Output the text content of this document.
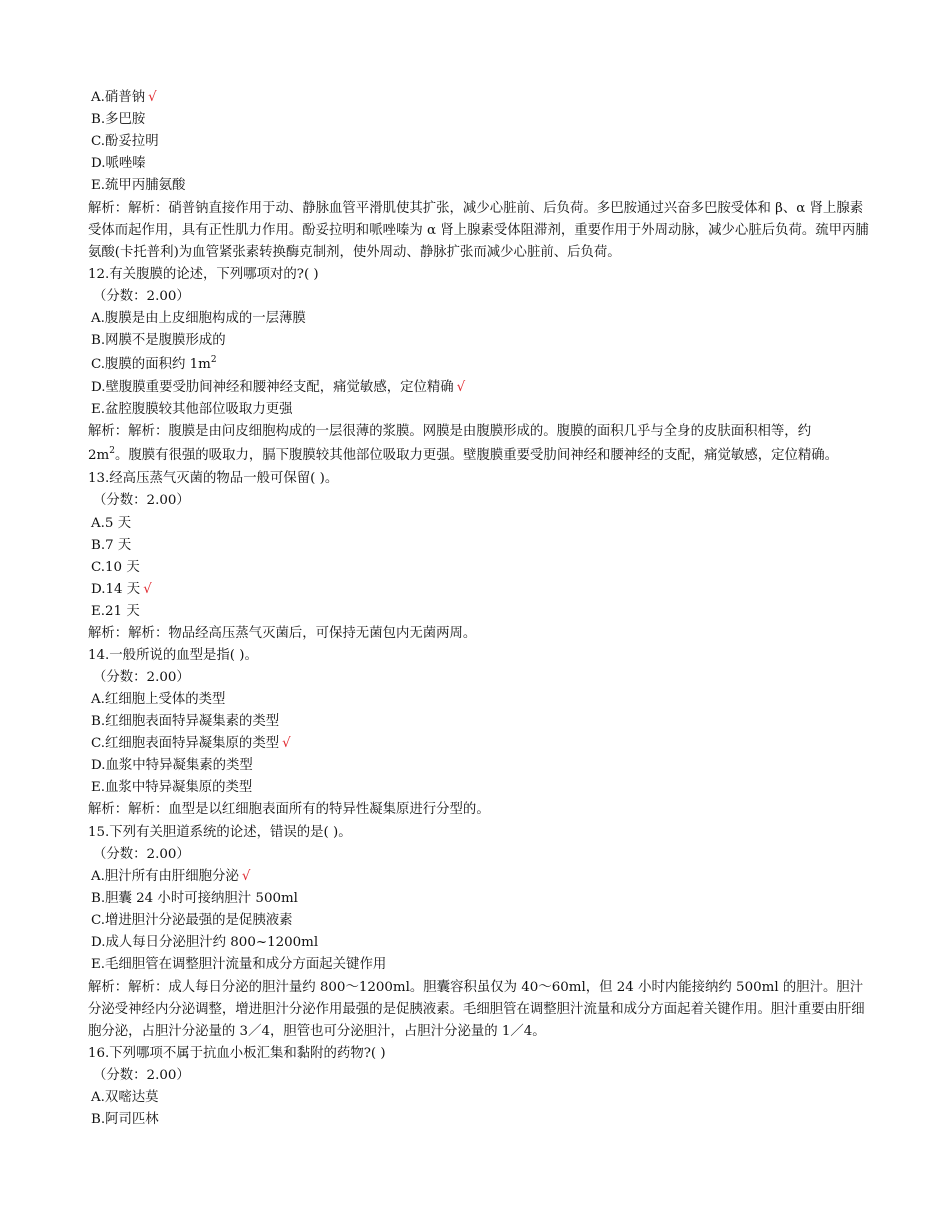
A.硝普钠 √
B.多巴胺
C.酚妥拉明
D.哌唑嗪
E.巯甲丙脯氨酸
解析：解析：硝普钠直接作用于动、静脉血管平滑肌使其扩张，减少心脏前、后负荷。多巴胺通过兴奋多巴胺受体和 β、α 肾上腺素受体而起作用，具有正性肌力作用。酚妥拉明和哌唑嗪为 α 肾上腺素受体阻滞剂，重要作用于外周动脉，减少心脏后负荷。巯甲丙脯氨酸(卡托普利)为血管紧张素转换酶克制剂，使外周动、静脉扩张而减少心脏前、后负荷。
12.有关腹膜的论述，下列哪项对的?( )
（分数：2.00）
A.腹膜是由上皮细胞构成的一层薄膜
B.网膜不是腹膜形成的
C.腹膜的面积约 $1m^2$
D.壁腹膜重要受肋间神经和腰神经支配，痛觉敏感，定位精确 √
E.盆腔腹膜较其他部位吸取力更强
解析：解析：腹膜是由问皮细胞构成的一层很薄的浆膜。网膜是由腹膜形成的。腹膜的面积几乎与全身的皮肤面积相等，约
$2m^2$。腹膜有很强的吸取力，膈下腹膜较其他部位吸取力更强。壁腹膜重要受肋间神经和腰神经的支配，痛觉敏感，定位精确。
13.经高压蒸气灭菌的物品一般可保留( )。
（分数：2.00）
A.5 天
B.7 天
C.10 天
D.14 天 √
E.21 天
解析：解析：物品经高压蒸气灭菌后，可保持无菌包内无菌两周。
14.一般所说的血型是指( )。
（分数：2.00）
A.红细胞上受体的类型
B.红细胞表面特异凝集素的类型
C.红细胞表面特异凝集原的类型 √
D.血浆中特异凝集素的类型
E.血浆中特异凝集原的类型
解析：解析：血型是以红细胞表面所有的特异性凝集原进行分型的。
15.下列有关胆道系统的论述，错误的是( )。
（分数：2.00）
A.胆汁所有由肝细胞分泌 √
B.胆囊 24 小时可接纳胆汁 500ml
C.增进胆汁分泌最强的是促胰液素
D.成人每日分泌胆汁约 800~1200ml
E.毛细胆管在调整胆汁流量和成分方面起关键作用
解析：解析：成人每日分泌的胆汁量约 800～1200ml。胆囊容积虽仅为 40～60ml，但 24 小时内能接纳约 500ml 的胆汁。胆汁分泌受神经内分泌调整，增进胆汁分泌作用最强的是促胰液素。毛细胆管在调整胆汁流量和成分方面起着关键作用。胆汁重要由肝细胞分泌，占胆汁分泌量的 3／4，胆管也可分泌胆汁，占胆汁分泌量的 1／4。
16.下列哪项不属于抗血小板汇集和黏附的药物?( )
（分数：2.00）
A.双嘧达莫
B.阿司匹林
